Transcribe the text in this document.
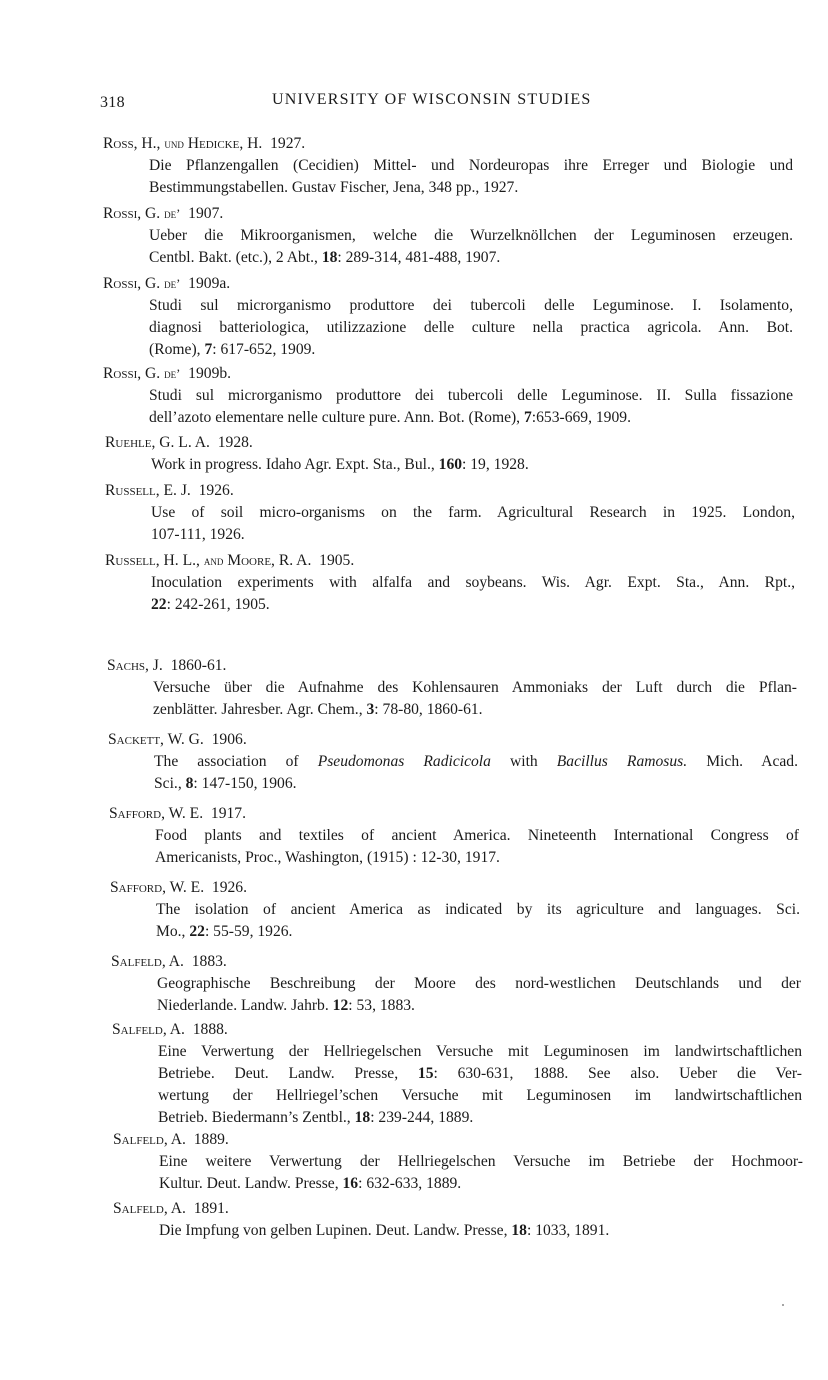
318	UNIVERSITY OF WISCONSIN STUDIES
Ross, H., und Hedicke, H. 1927.
Die Pflanzengallen (Cecidien) Mittel- und Nordeuropas ihre Erreger und Biologie und
Bestimmungstabellen. Gustav Fischer, Jena, 348 pp., 1927.
Rossi, G. de’ 1907.
Ueber die Mikroorganismen, welche die Wurzelknöllchen der Leguminosen erzeugen.
Centbl. Bakt. (etc.), 2 Abt., 18: 289-314, 481-488, 1907.
Rossi, G. de’ 1909a.
Studi sul microrganismo produttore dei tubercoli delle Leguminose. I. Isolamento,
diagnosi batteriologica, utilizzazione delle culture nella practica agricola. Ann. Bot.
(Rome), 7: 617-652, 1909.
Rossi, G. de’ 1909b.
Studi sul microrganismo produttore dei tubercoli delle Leguminose. II. Sulla fissazione
dell’azoto elementare nelle culture pure. Ann. Bot. (Rome), 7:653-669, 1909.
Ruehle, G. L. A. 1928.
Work in progress. Idaho Agr. Expt. Sta., Bul., 160: 19, 1928.
Russell, E. J. 1926.
Use of soil micro-organisms on the farm. Agricultural Research in 1925. London,
107-111, 1926.
Russell, H. L., and Moore, R. A. 1905.
Inoculation experiments with alfalfa and soybeans. Wis. Agr. Expt. Sta., Ann. Rpt.,
22: 242-261, 1905.
Sachs, J. 1860-61.
Versuche über die Aufnahme des Kohlensauren Ammoniaks der Luft durch die Pflan-
zenblätter. Jahresber. Agr. Chem., 3: 78-80, 1860-61.
Sackett, W. G. 1906.
The association of Pseudomonas Radicicola with Bacillus Ramosus. Mich. Acad.
Sci., 8: 147-150, 1906.
Safford, W. E. 1917.
Food plants and textiles of ancient America. Nineteenth International Congress of
Americanists, Proc., Washington, (1915) : 12-30, 1917.
Safford, W. E. 1926.
The isolation of ancient America as indicated by its agriculture and languages. Sci.
Mo., 22: 55-59, 1926.
Salfeld, A. 1883.
Geographische Beschreibung der Moore des nord-westlichen Deutschlands und der
Niederlande. Landw. Jahrb. 12: 53, 1883.
Salfeld, A. 1888.
Eine Verwertung der Hellriegelschen Versuche mit Leguminosen im landwirtschaftlichen
Betriebe. Deut. Landw. Presse, 15: 630-631, 1888. See also. Ueber die Ver-
wertung der Hellriegel’schen Versuche mit Leguminosen im landwirtschaftlichen
Betrieb. Biedermann’s Zentbl., 18: 239-244, 1889.
Salfeld, A. 1889.
Eine weitere Verwertung der Hellriegelschen Versuche im Betriebe der Hochmoor-
Kultur. Deut. Landw. Presse, 16: 632-633, 1889.
Salfeld, A. 1891.
Die Impfung von gelben Lupinen. Deut. Landw. Presse, 18: 1033, 1891.
